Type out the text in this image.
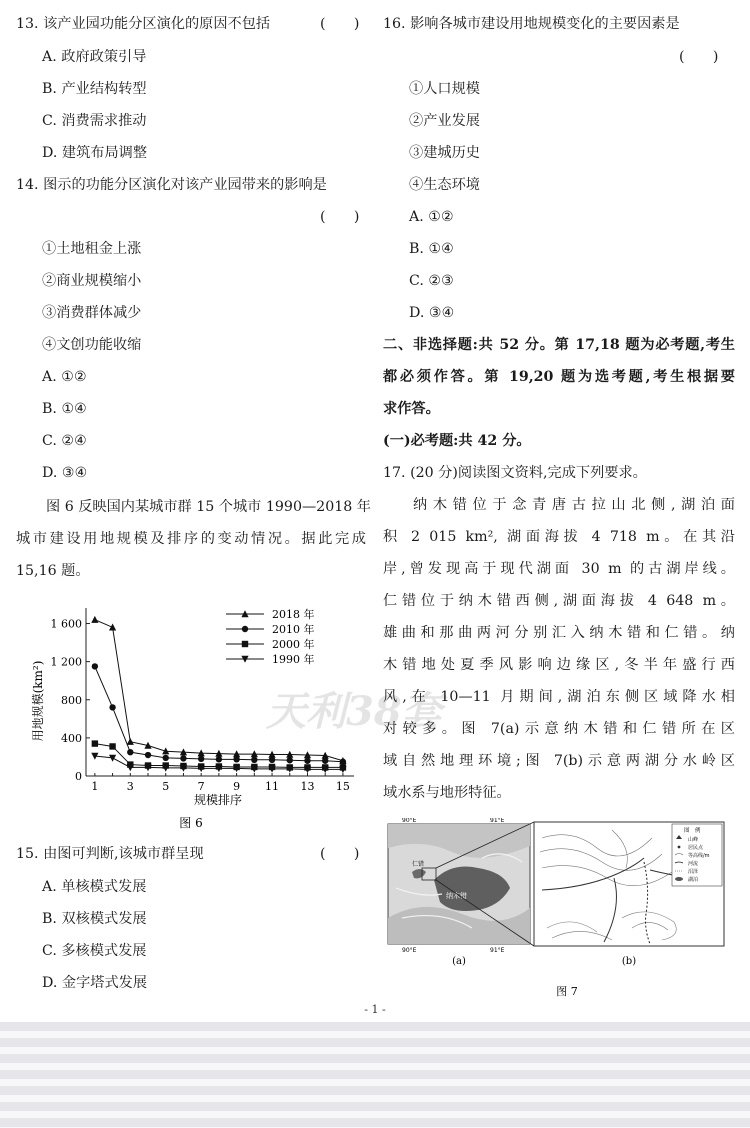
13. 该产业园功能分区演化的原因不包括	(　　)
A. 政府政策引导
B. 产业结构转型
C. 消费需求推动
D. 建筑布局调整
14. 图示的功能分区演化对该产业园带来的影响是
(　　)
①土地租金上涨
②商业规模缩小
③消费群体减少
④文创功能收缩
A. ①②
B. ①④
C. ②④
D. ③④
图 6 反映国内某城市群 15 个城市 1990—2018 年
城市建设用地规模及排序的变动情况。据此完成
15,16 题。
15. 由图可判断,该城市群呈现	(　　)
A. 单核模式发展
B. 双核模式发展
C. 多核模式发展
D. 金字塔式发展
0
400
800
1 200
1 600
1	3	5	7	9 11 13 15
2018 年
2010 年
2000 年
1990 年
用地规模(km²)
规模排序
图 6
天利38套
16. 影响各城市建设用地规模变化的主要因素是
(　　)
①人口规模
②产业发展
③建城历史
④生态环境
A. ①②
B. ①④
C. ②③
D. ③④
二、非选择题:共 52 分。第 17,18 题为必考题,考生
都必须作答。第 19,20 题为选考题,考生根据要
求作答。
(一)必考题:共 42 分。
17. (20 分)阅读图文资料,完成下列要求。
纳木错位于念青唐古拉山北侧,湖泊面
积 2 015 km², 湖面海拔 4 718 m。在其沿
岸,曾发现高于现代湖面 30 m 的古湖岸线。
仁错位于纳木错西侧,湖面海拔 4 648 m。
雄曲和那曲两河分别汇入纳木错和仁错。纳
木错地处夏季风影响边缘区,冬半年盛行西
风,在 10—11 月期间,湖泊东侧区域降水相
对较多。图 7(a)示意纳木错和仁错所在区
域自然地理环境;图 7(b)示意两湖分水岭区
域水系与地形特征。
90°E	91°E
90°E	91°E
仁错
纳木错
图　例
山峰
居民点
等高线/m
河流
沼泽
湖泊
(a)	(b)
图 7
- 1 -
